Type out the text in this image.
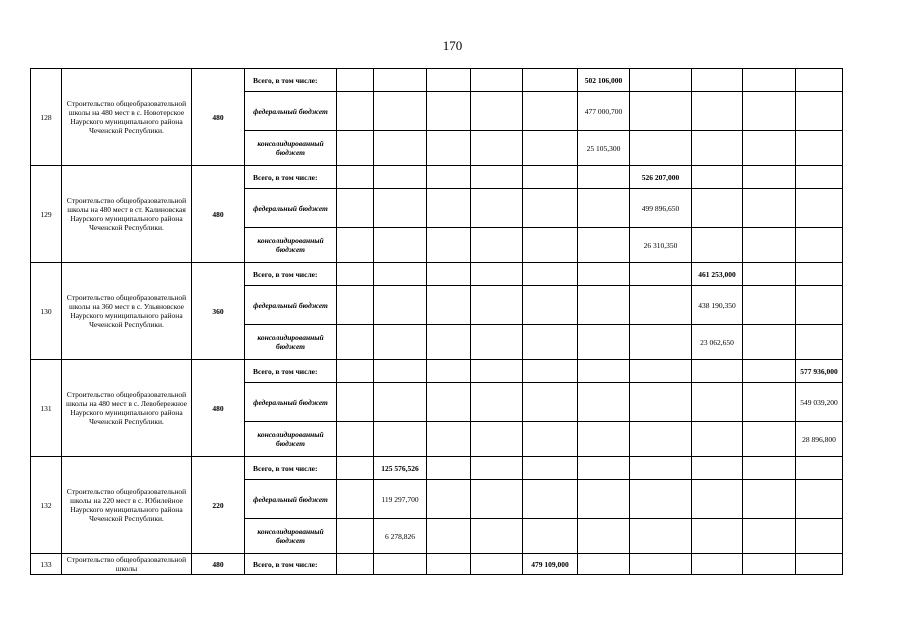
170
128	Строительство общеобразовательной школы на 480 мест в с. Новотерское Наурского муниципального района Чеченской Республики.	480	Всего, в том числе:						502 106,000				
			федеральный бюджет						477 000,700				
			консолидированный бюджет						25 105,300				
129	Строительство общеобразовательной школы на 480 мест в ст. Калиновская Наурского муниципального района Чеченской Республики.	480	Всего, в том числе:							526 207,000			
			федеральный бюджет							499 896,650			
			консолидированный бюджет							26 310,350			
130	Строительство общеобразовательной школы на 360 мест в с. Ульяновское Наурского муниципального района Чеченской Республики.	360	Всего, в том числе:								461 253,000		
			федеральный бюджет								438 190,350		
			консолидированный бюджет								23 062,650		
131	Строительство общеобразовательной школы на 480 мест в с. Левобережное Наурского муниципального района Чеченской Республики.	480	Всего, в том числе:										577 936,000
			федеральный бюджет										549 039,200
			консолидированный бюджет										28 896,800
132	Строительство общеобразовательной школы на 220 мест в с. Юбилейное Наурского муниципального района Чеченской Республики.	220	Всего, в том числе:		125 576,526								
			федеральный бюджет		119 297,700								
			консолидированный бюджет		6 278,826								
133	Строительство общеобразовательной школы	480	Всего, в том числе:					479 109,000					
